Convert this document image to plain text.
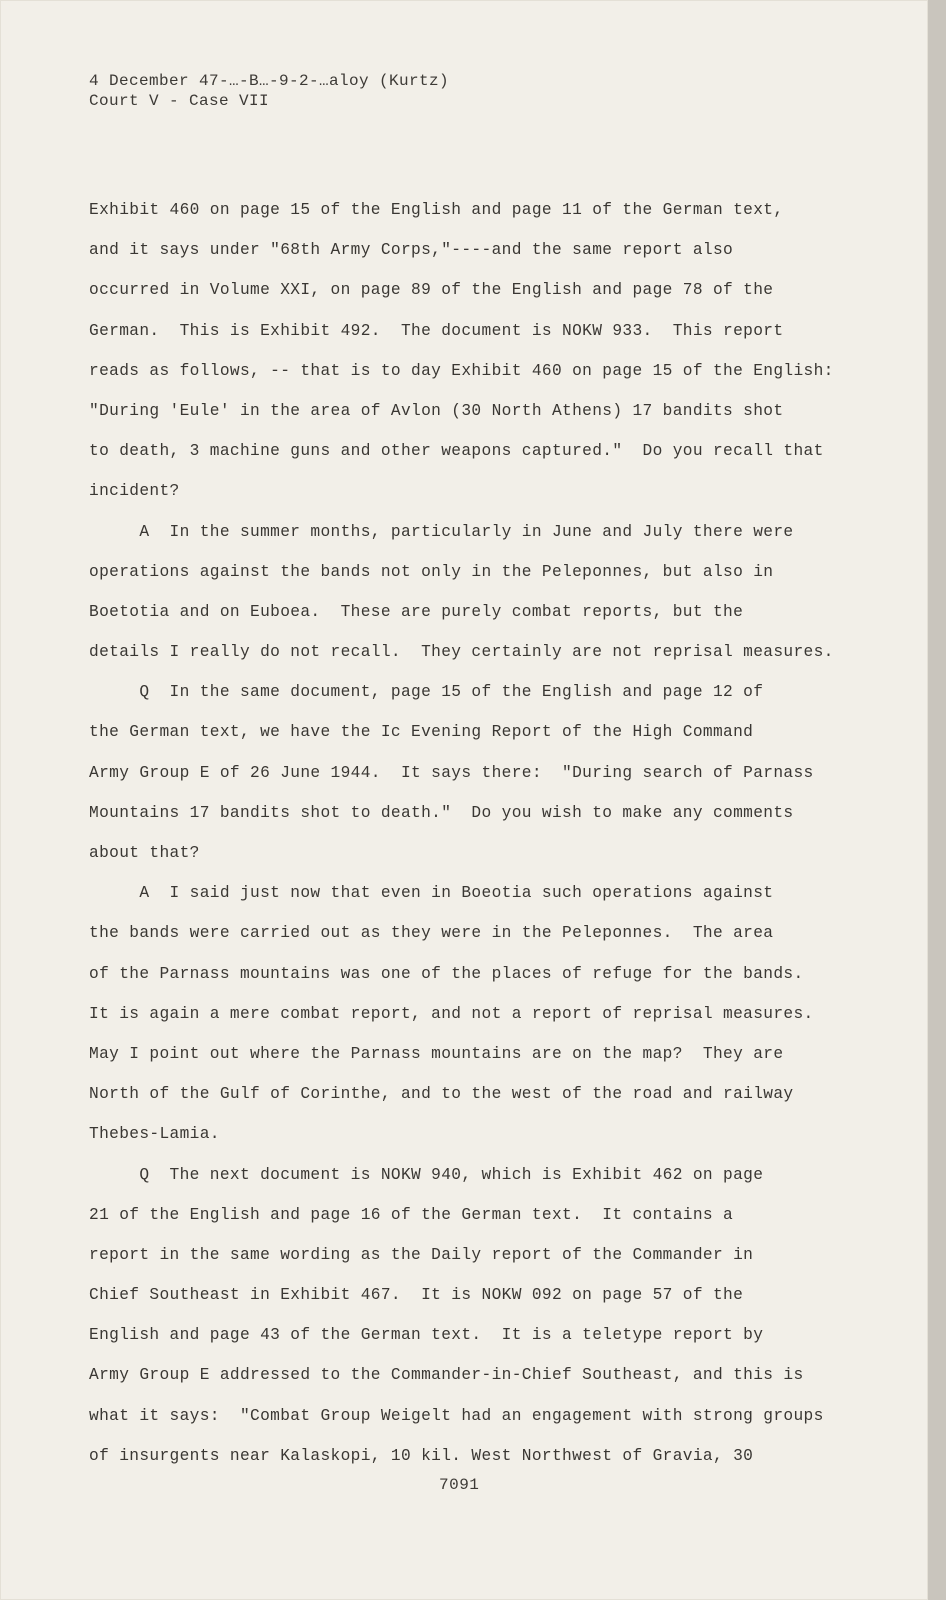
4 December 47-…-B…-9-2-…aloy (Kurtz)
Court V - Case VII
Exhibit 460 on page 15 of the English and page 11 of the German text,
and it says under "68th Army Corps,"----and the same report also
occurred in Volume XXI, on page 89 of the English and page 78 of the
German.  This is Exhibit 492.  The document is NOKW 933.  This report
reads as follows, -- that is to day Exhibit 460 on page 15 of the English:
"During 'Eule' in the area of Avlon (30 North Athens) 17 bandits shot
to death, 3 machine guns and other weapons captured."  Do you recall that
incident?
A  In the summer months, particularly in June and July there were
operations against the bands not only in the Peleponnes, but also in
Boetotia and on Euboea.  These are purely combat reports, but the
details I really do not recall.  They certainly are not reprisal measures.
Q  In the same document, page 15 of the English and page 12 of
the German text, we have the Ic Evening Report of the High Command
Army Group E of 26 June 1944.  It says there:  "During search of Parnass
Mountains 17 bandits shot to death."  Do you wish to make any comments
about that?
A  I said just now that even in Boeotia such operations against
the bands were carried out as they were in the Peleponnes.  The area
of the Parnass mountains was one of the places of refuge for the bands.
It is again a mere combat report, and not a report of reprisal measures.
May I point out where the Parnass mountains are on the map?  They are
North of the Gulf of Corinthe, and to the west of the road and railway
Thebes-Lamia.
Q  The next document is NOKW 940, which is Exhibit 462 on page
21 of the English and page 16 of the German text.  It contains a
report in the same wording as the Daily report of the Commander in
Chief Southeast in Exhibit 467.  It is NOKW 092 on page 57 of the
English and page 43 of the German text.  It is a teletype report by
Army Group E addressed to the Commander-in-Chief Southeast, and this is
what it says:  "Combat Group Weigelt had an engagement with strong groups
of insurgents near Kalaskopi, 10 kil. West Northwest of Gravia, 30
7091
